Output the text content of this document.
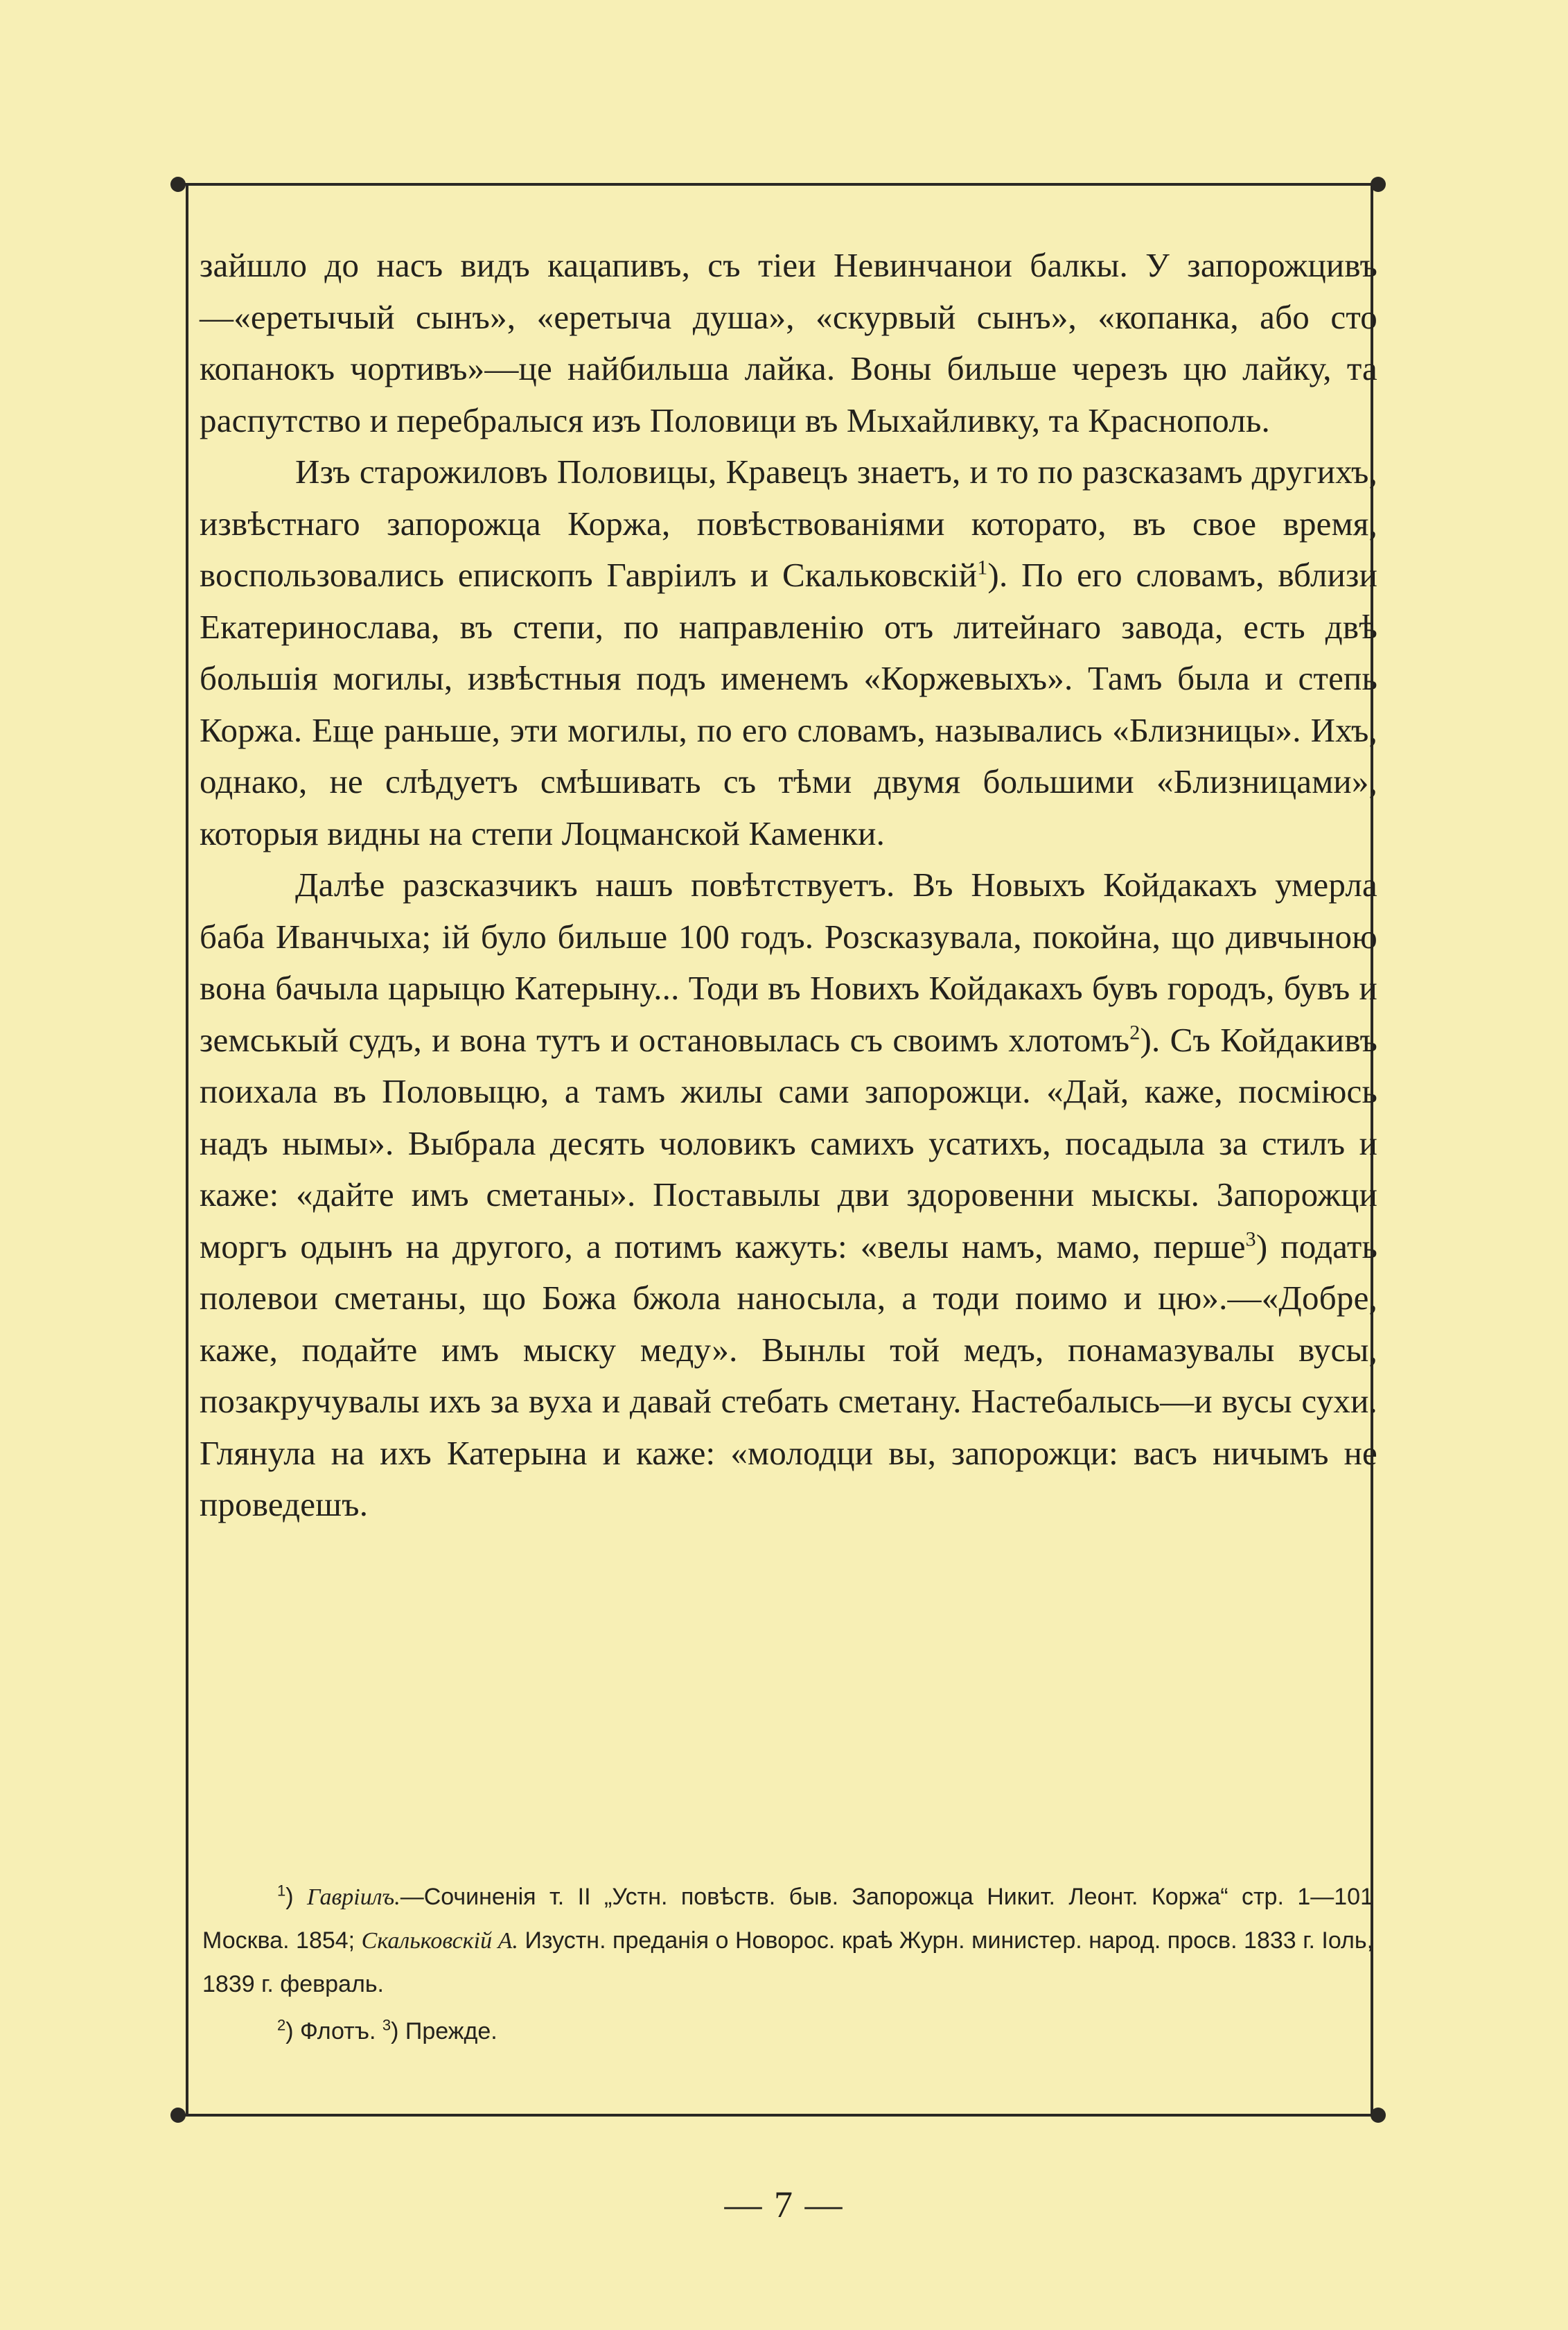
зайшло до насъ видъ кацапивъ, съ тіеи Невинчанои балкы. У запорожцивъ —«еретычый сынъ», «еретыча душа», «скурвый сынъ», «копанка, або сто копанокъ чортивъ»—це найбильша лайка. Воны бильше черезъ цю лайку, та распутство и перебралыся изъ Половици въ Мыхайливку, та Краснополь.

Изъ старожиловъ Половицы, Кравецъ знаетъ, и то по разсказамъ другихъ, извѣстнаго запорожца Коржа, повѣствованіями которато, въ свое время, воспользовались епископъ Гавріилъ и Скальковскій$^1$). По его словамъ, вблизи Екатеринослава, въ степи, по направленію отъ литейнаго завода, есть двѣ большія могилы, извѣстныя подъ именемъ «Коржевыхъ». Тамъ была и степь Коржа. Еще раньше, эти могилы, по его словамъ, назывались «Близницы». Ихъ, однако, не слѣдуетъ смѣшивать съ тѣми двумя большими «Близницами», которыя видны на степи Лоцманской Каменки.

Далѣе разсказчикъ нашъ повѣтствуетъ. Въ Новыхъ Койдакахъ умерла баба Иванчыха; ій було бильше 100 годъ. Розсказувала, покойна, що дивчыною вона бачыла царыцю Катерыну... Тоди въ Новихъ Койдакахъ бувъ городъ, бувъ и земськый судъ, и вона тутъ и остановылась съ своимъ хлотомъ$^2$). Съ Койдакивъ поихала въ Половыцю, а тамъ жилы сами запорожци. «Дай, каже, посміюсь надъ нымы». Выбрала десять чоловикъ самихъ усатихъ, посадыла за стилъ и каже: «дайте имъ сметаны». Поставылы дви здоровенни мыскы. Запорожци моргъ одынъ на другого, а потимъ кажуть: «велы намъ, мамо, перше$^3$) подать полевои сметаны, що Божа бжола наносыла, а тоди поимо и цю».—«Добре, каже, подайте имъ мыску меду». Вынлы той медъ, понамазувалы вусы, позакручувалы ихъ за вуха и давай стебать сметану. Настебалысь—и вусы сухи. Глянула на ихъ Катерына и каже: «молодци вы, запорожци: васъ ничымъ не проведешъ.

$^1$) Гавріилъ.—Сочиненія т. II „Устн. повѣств. быв. Запорожца Никит. Леонт. Коржа“ стр. 1—101 Москва. 1854; Скальковскій А. Изустн. преданія о Новорос. краѣ Журн. министер. народ. просв. 1833 г. Іоль, 1839 г. февраль.

$^2$) Флотъ. $^3$) Прежде.

— 7 —
